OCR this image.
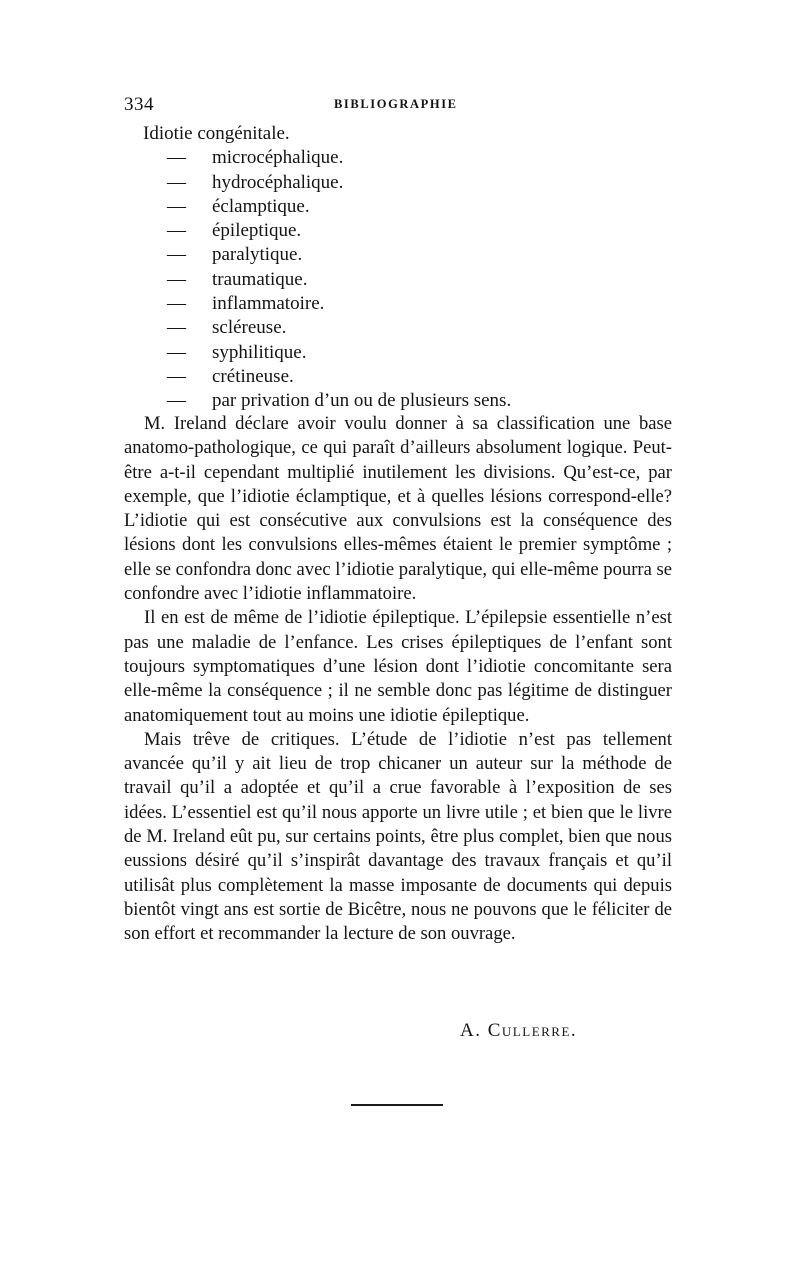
334	BIBLIOGRAPHIE
Idiotie congénitale.
— microcéphalique.
— hydrocéphalique.
— éclamptique.
— épileptique.
— paralytique.
— traumatique.
— inflammatoire.
— scléreuse.
— syphilitique.
— crétineuse.
— par privation d’un ou de plusieurs sens.

M. Ireland déclare avoir voulu donner à sa classification une base anatomo-pathologique, ce qui paraît d’ailleurs absolument logique. Peut-être a-t-il cependant multiplié inutilement les divisions. Qu’est-ce, par exemple, que l’idiotie éclamptique, et à quelles lésions correspond-elle? L’idiotie qui est consécutive aux convulsions est la conséquence des lésions dont les convulsions elles-mêmes étaient le premier symptôme ; elle se confondra donc avec l’idiotie paralytique, qui elle-même pourra se confondre avec l’idiotie inflammatoire.

Il en est de même de l’idiotie épileptique. L’épilepsie essentielle n’est pas une maladie de l’enfance. Les crises épileptiques de l’enfant sont toujours symptomatiques d’une lésion dont l’idiotie concomitante sera elle-même la conséquence ; il ne semble donc pas légitime de distinguer anatomiquement tout au moins une idiotie épileptique.

Mais trêve de critiques. L’étude de l’idiotie n’est pas tellement avancée qu’il y ait lieu de trop chicaner un auteur sur la méthode de travail qu’il a adoptée et qu’il a crue favorable à l’exposition de ses idées. L’essentiel est qu’il nous apporte un livre utile ; et bien que le livre de M. Ireland eût pu, sur certains points, être plus complet, bien que nous eussions désiré qu’il s’inspirât davantage des travaux français et qu’il utilisât plus complètement la masse imposante de documents qui depuis bientôt vingt ans est sortie de Bicêtre, nous ne pouvons que le féliciter de son effort et recommander la lecture de son ouvrage.

A. Cullerre.
